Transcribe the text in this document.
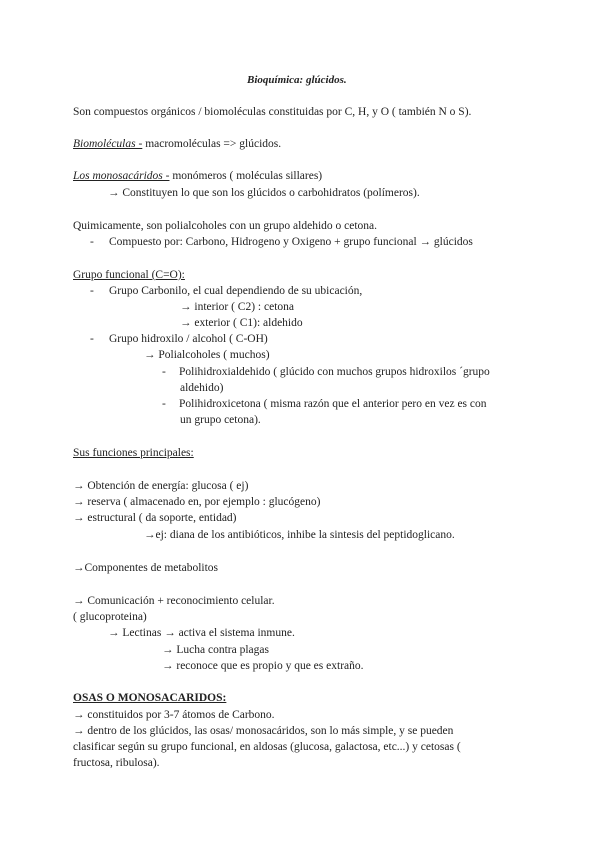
Bioquímica: glúcidos.
Son compuestos orgánicos / biomoléculas constituidas por C, H, y O ( también N o S).
Biomoléculas - macromoléculas => glúcidos.
Los monosacáridos - monómeros ( moléculas sillares)
→ Constituyen lo que son los glúcidos o carbohidratos (polímeros).
Quimicamente, son polialcoholes con un grupo aldehido o cetona.
- Compuesto por: Carbono, Hidrogeno y Oxigeno + grupo funcional → glúcidos
Grupo funcional (C=O):
- Grupo Carbonilo, el cual dependiendo de su ubicación,
→ interior ( C2) : cetona
→ exterior ( C1): aldehido
- Grupo hidroxilo / alcohol ( C-OH)
→ Polialcoholes ( muchos)
- Polihidroxialdehido ( glúcido con muchos grupos hidroxilos ´grupo
aldehido)
- Polihidroxicetona ( misma razón que el anterior pero en vez es con
un grupo cetona).
Sus funciones principales:
→ Obtención de energía: glucosa ( ej)
→ reserva ( almacenado en, por ejemplo : glucógeno)
→ estructural ( da soporte, entidad)
→ej: diana de los antibióticos, inhibe la sintesis del peptidoglicano.
→Componentes de metabolitos
→ Comunicación + reconocimiento celular.
( glucoproteina)
→ Lectinas → activa el sistema inmune.
→ Lucha contra plagas
→ reconoce que es propio y que es extraño.
OSAS O MONOSACARIDOS:
→ constituidos por 3-7 átomos de Carbono.
→ dentro de los glúcidos, las osas/ monosacáridos, son lo más simple, y se pueden
clasificar según su grupo funcional, en aldosas (glucosa, galactosa, etc...) y cetosas (
fructosa, ribulosa).
